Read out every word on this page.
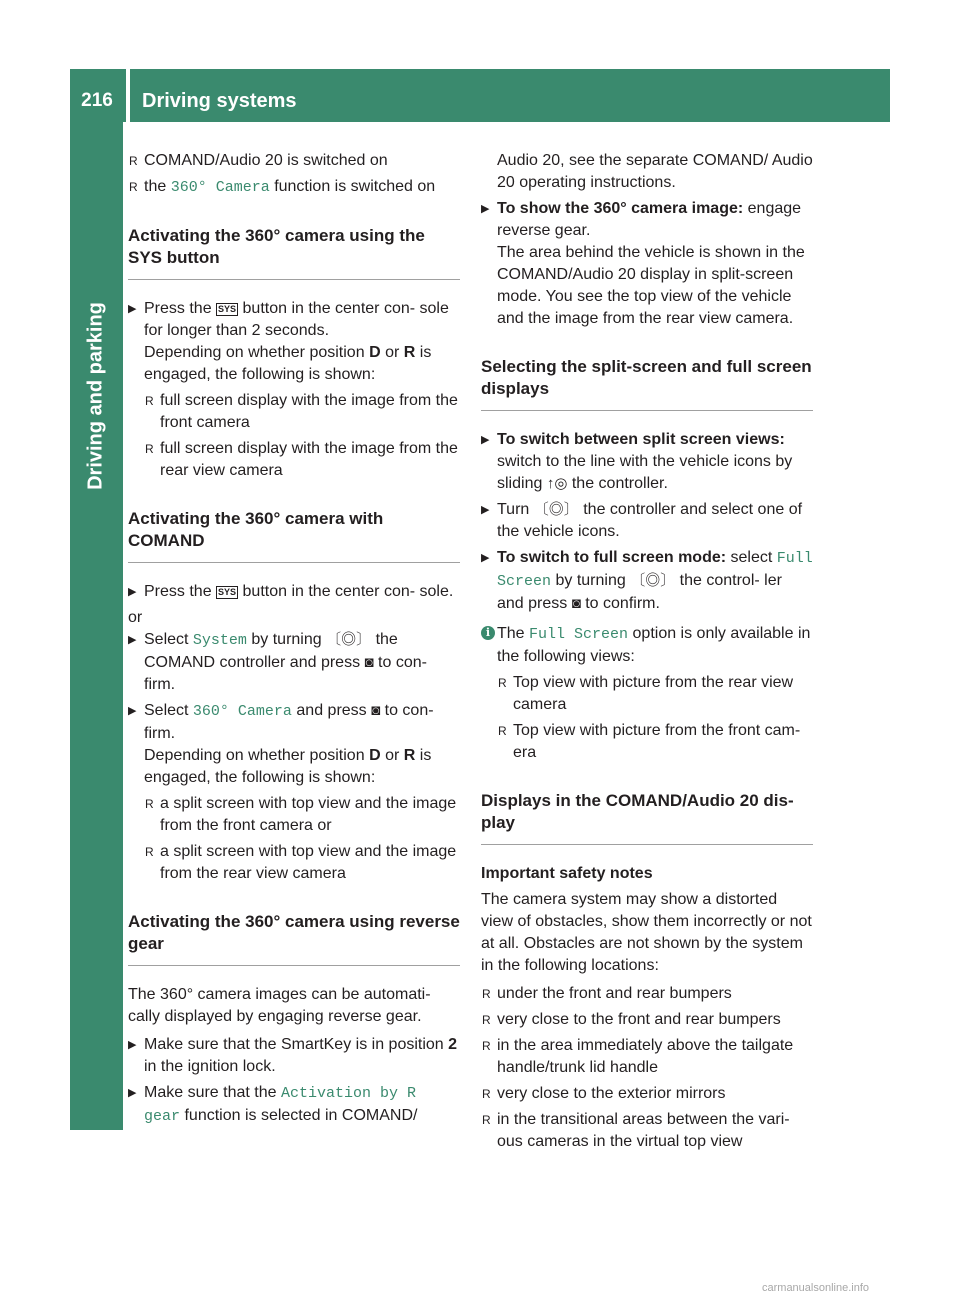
216	Driving systems
Driving and parking
R COMAND/Audio 20 is switched on
R the 360° Camera function is switched on
Activating the 360° camera using the SYS button
▶ Press the SYS button in the center con- sole for longer than 2 seconds.
Depending on whether position D or R is engaged, the following is shown:
R full screen display with the image from the front camera
R full screen display with the image from the rear view camera
Activating the 360° camera with COMAND
▶ Press the SYS button in the center con- sole.

or

▶ Select System by turning 〔◎〕 the COMAND controller and press ◙ to con- firm.
▶ Select 360° Camera and press ◙ to con- firm.
Depending on whether position D or R is engaged, the following is shown:
R a split screen with top view and the image from the front camera or
R a split screen with top view and the image from the rear view camera
Activating the 360° camera using reverse gear

The 360° camera images can be automati- cally displayed by engaging reverse gear.

▶ Make sure that the SmartKey is in position 2 in the ignition lock.
▶ Make sure that the Activation by R gear function is selected in COMAND/

Audio 20, see the separate COMAND/ Audio 20 operating instructions.

▶ To show the 360° camera image: engage reverse gear.
The area behind the vehicle is shown in the COMAND/Audio 20 display in split-screen mode. You see the top view of the vehicle and the image from the rear view camera.
Selecting the split-screen and full screen displays
▶ To switch between split screen views: switch to the line with the vehicle icons by sliding ↑◎ the controller.
▶ Turn 〔◎〕 the controller and select one of the vehicle icons.
▶ To switch to full screen mode: select Full Screen by turning 〔◎〕 the control- ler and press ◙ to confirm.
i The Full Screen option is only available in the following views:
R Top view with picture from the rear view camera
R Top view with picture from the front cam- era
Displays in the COMAND/Audio 20 dis- play
Important safety notes

The camera system may show a distorted view of obstacles, show them incorrectly or not at all. Obstacles are not shown by the system in the following locations:

R under the front and rear bumpers
R very close to the front and rear bumpers
R in the area immediately above the tailgate handle/trunk lid handle
R very close to the exterior mirrors
R in the transitional areas between the vari- ous cameras in the virtual top view
carmanualsonline.info
